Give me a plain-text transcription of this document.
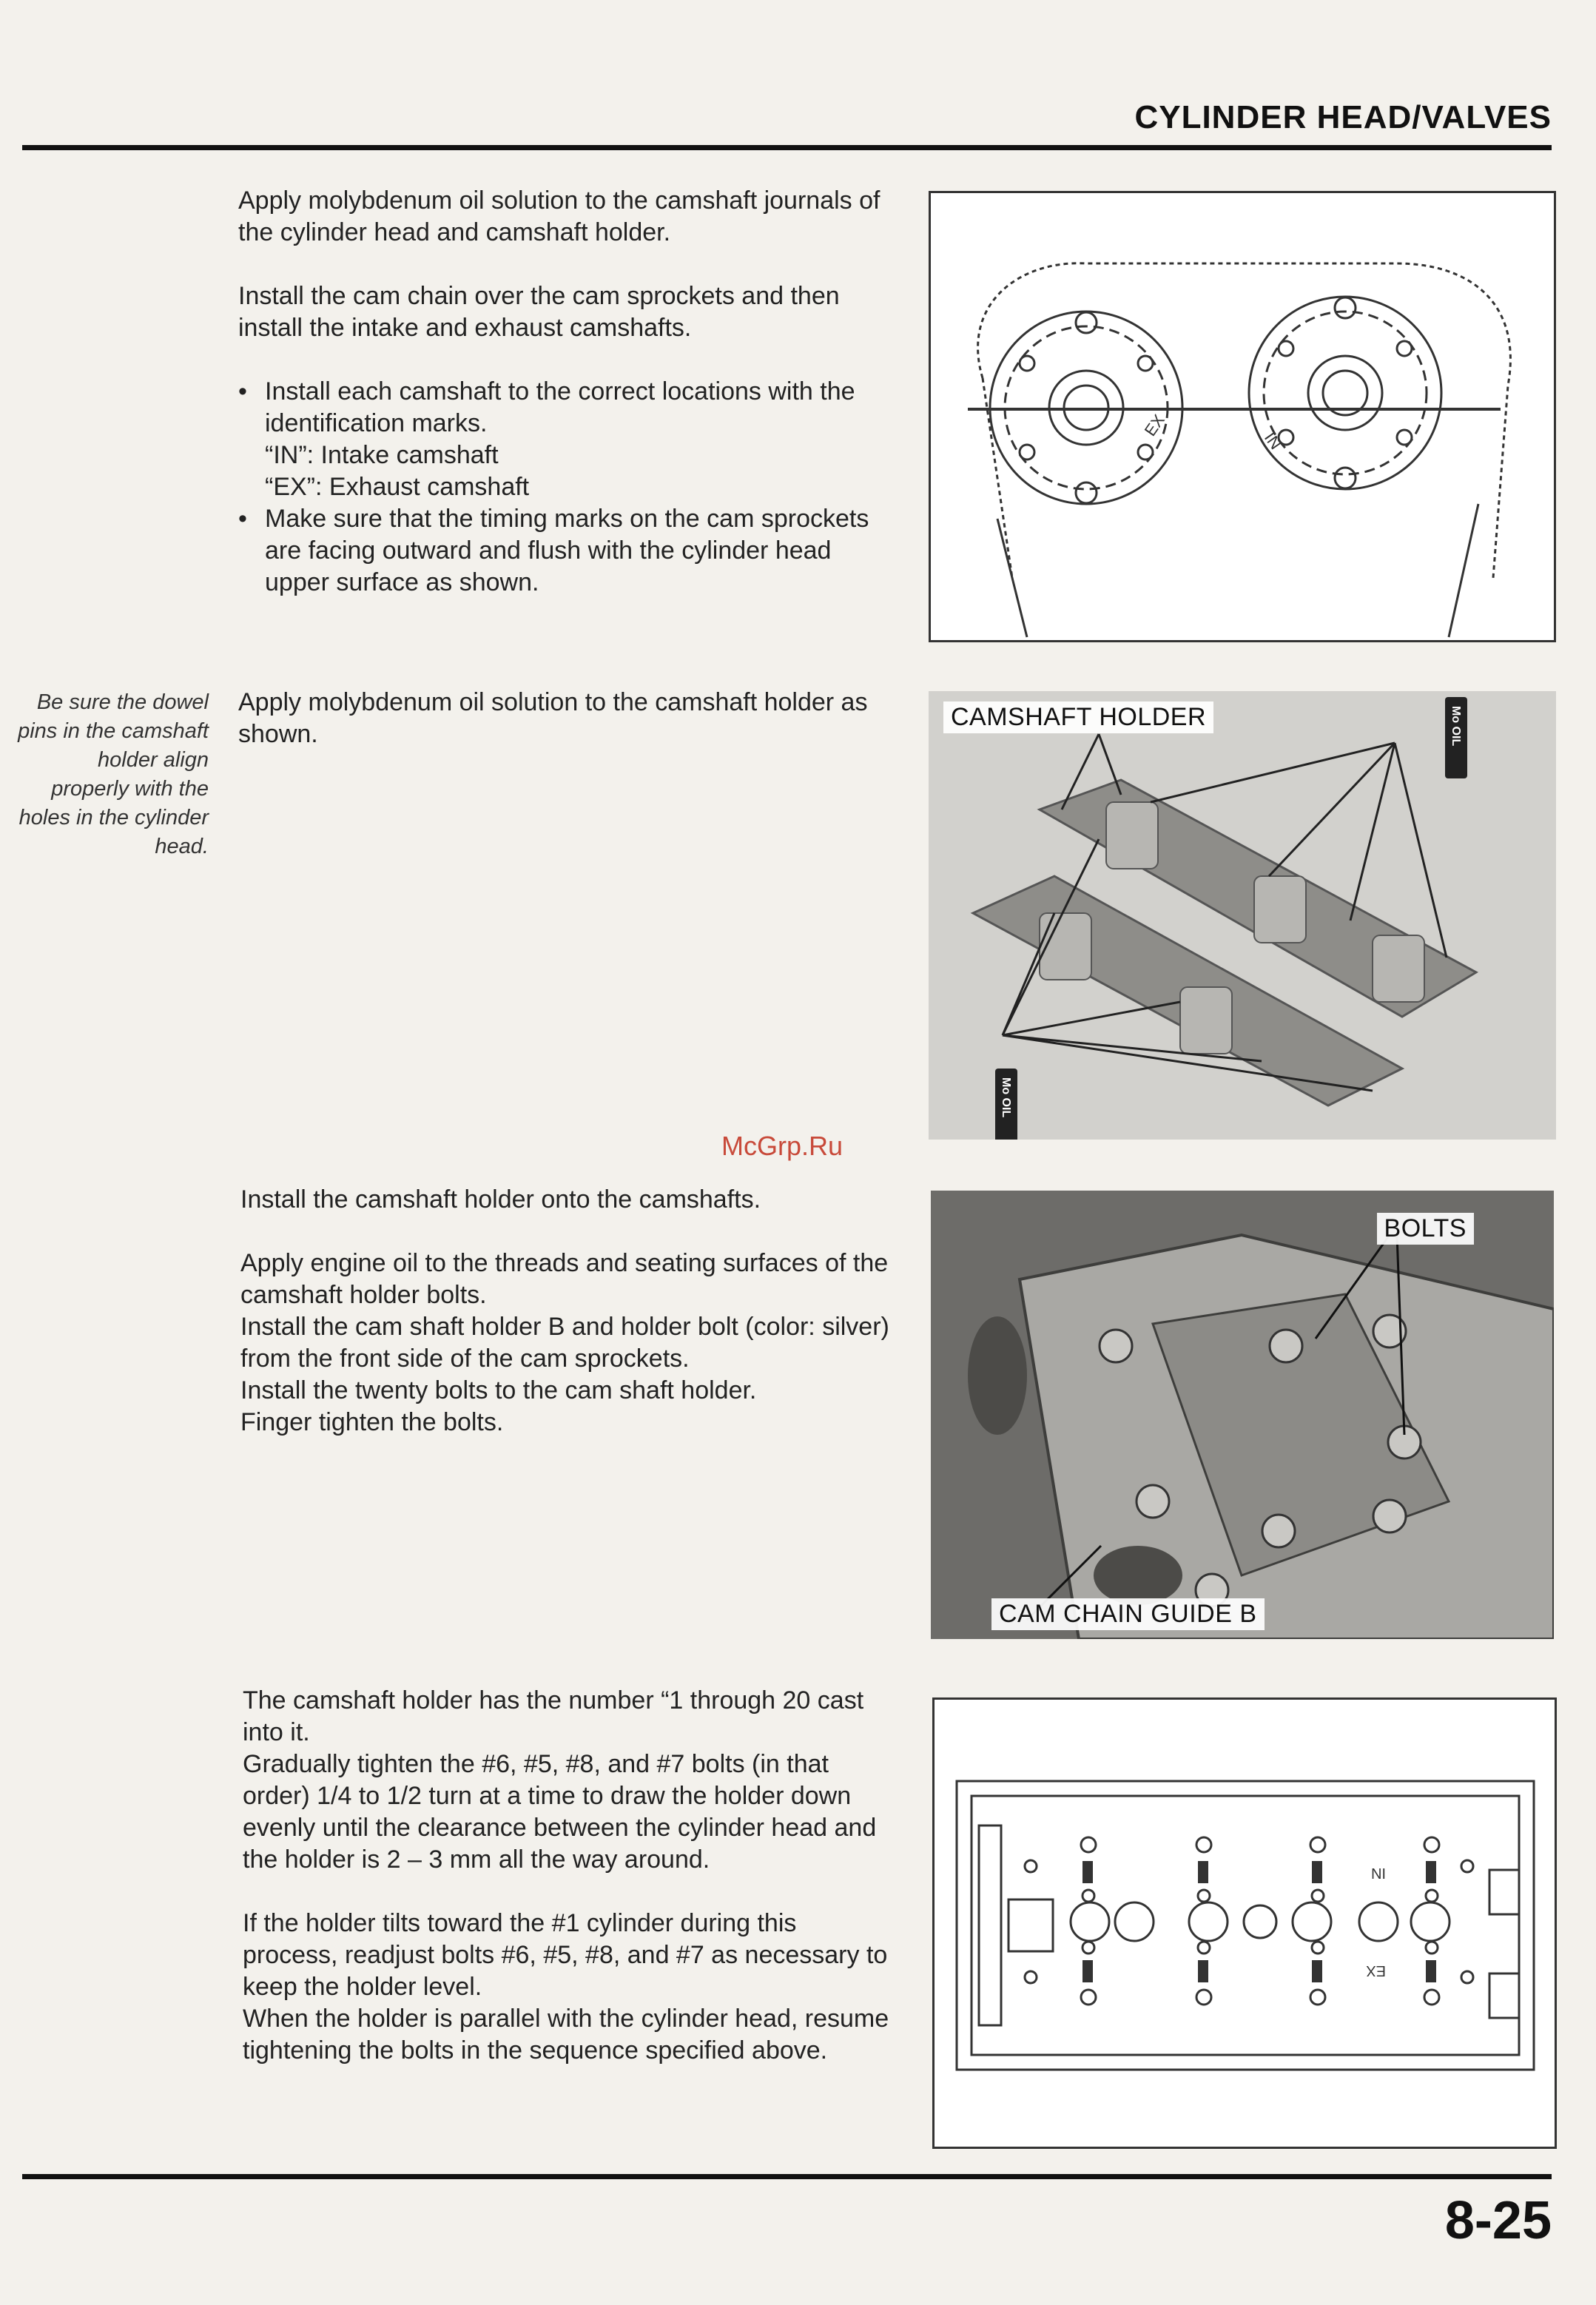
CYLINDER HEAD/VALVES

Apply molybdenum oil solution to the camshaft journals of the cylinder head and camshaft holder.

Install the cam chain over the cam sprockets and then install the intake and exhaust camshafts.

• Install each camshaft to the correct locations with the identification marks.
“IN”: Intake camshaft
“EX”: Exhaust camshaft
• Make sure that the timing marks on the cam sprockets are facing outward and flush with the cylinder head upper surface as shown.
EX
IN
Be sure the dowel pins in the camshaft holder align properly with the holes in the cylinder head.

Apply molybdenum oil solution to the camshaft holder as shown.	Mo OIL
Mo OIL
CAMSHAFT HOLDER
McGrp.Ru

Install the camshaft holder onto the camshafts.

Apply engine oil to the threads and seating surfaces of the camshaft holder bolts.
Install the cam shaft holder B and holder bolt (color: silver) from the front side of the cam sprockets.
Install the twenty bolts to the cam shaft holder.
Finger tighten the bolts.
BOLTS
CAM CHAIN GUIDE B
The camshaft holder has the number “1 through 20 cast into it.

Gradually tighten the #6, #5, #8, and #7 bolts (in that order) 1/4 to 1/2 turn at a time to draw the holder down evenly until the clearance between the cylinder head and the holder is 2 – 3 mm all the way around.

If the holder tilts toward the #1 cylinder during this process, readjust bolts #6, #5, #8, and #7 as necessary to keep the holder level.
When the holder is parallel with the cylinder head, resume tightening the bolts in the sequence specified above.
IN
EX
8-25
